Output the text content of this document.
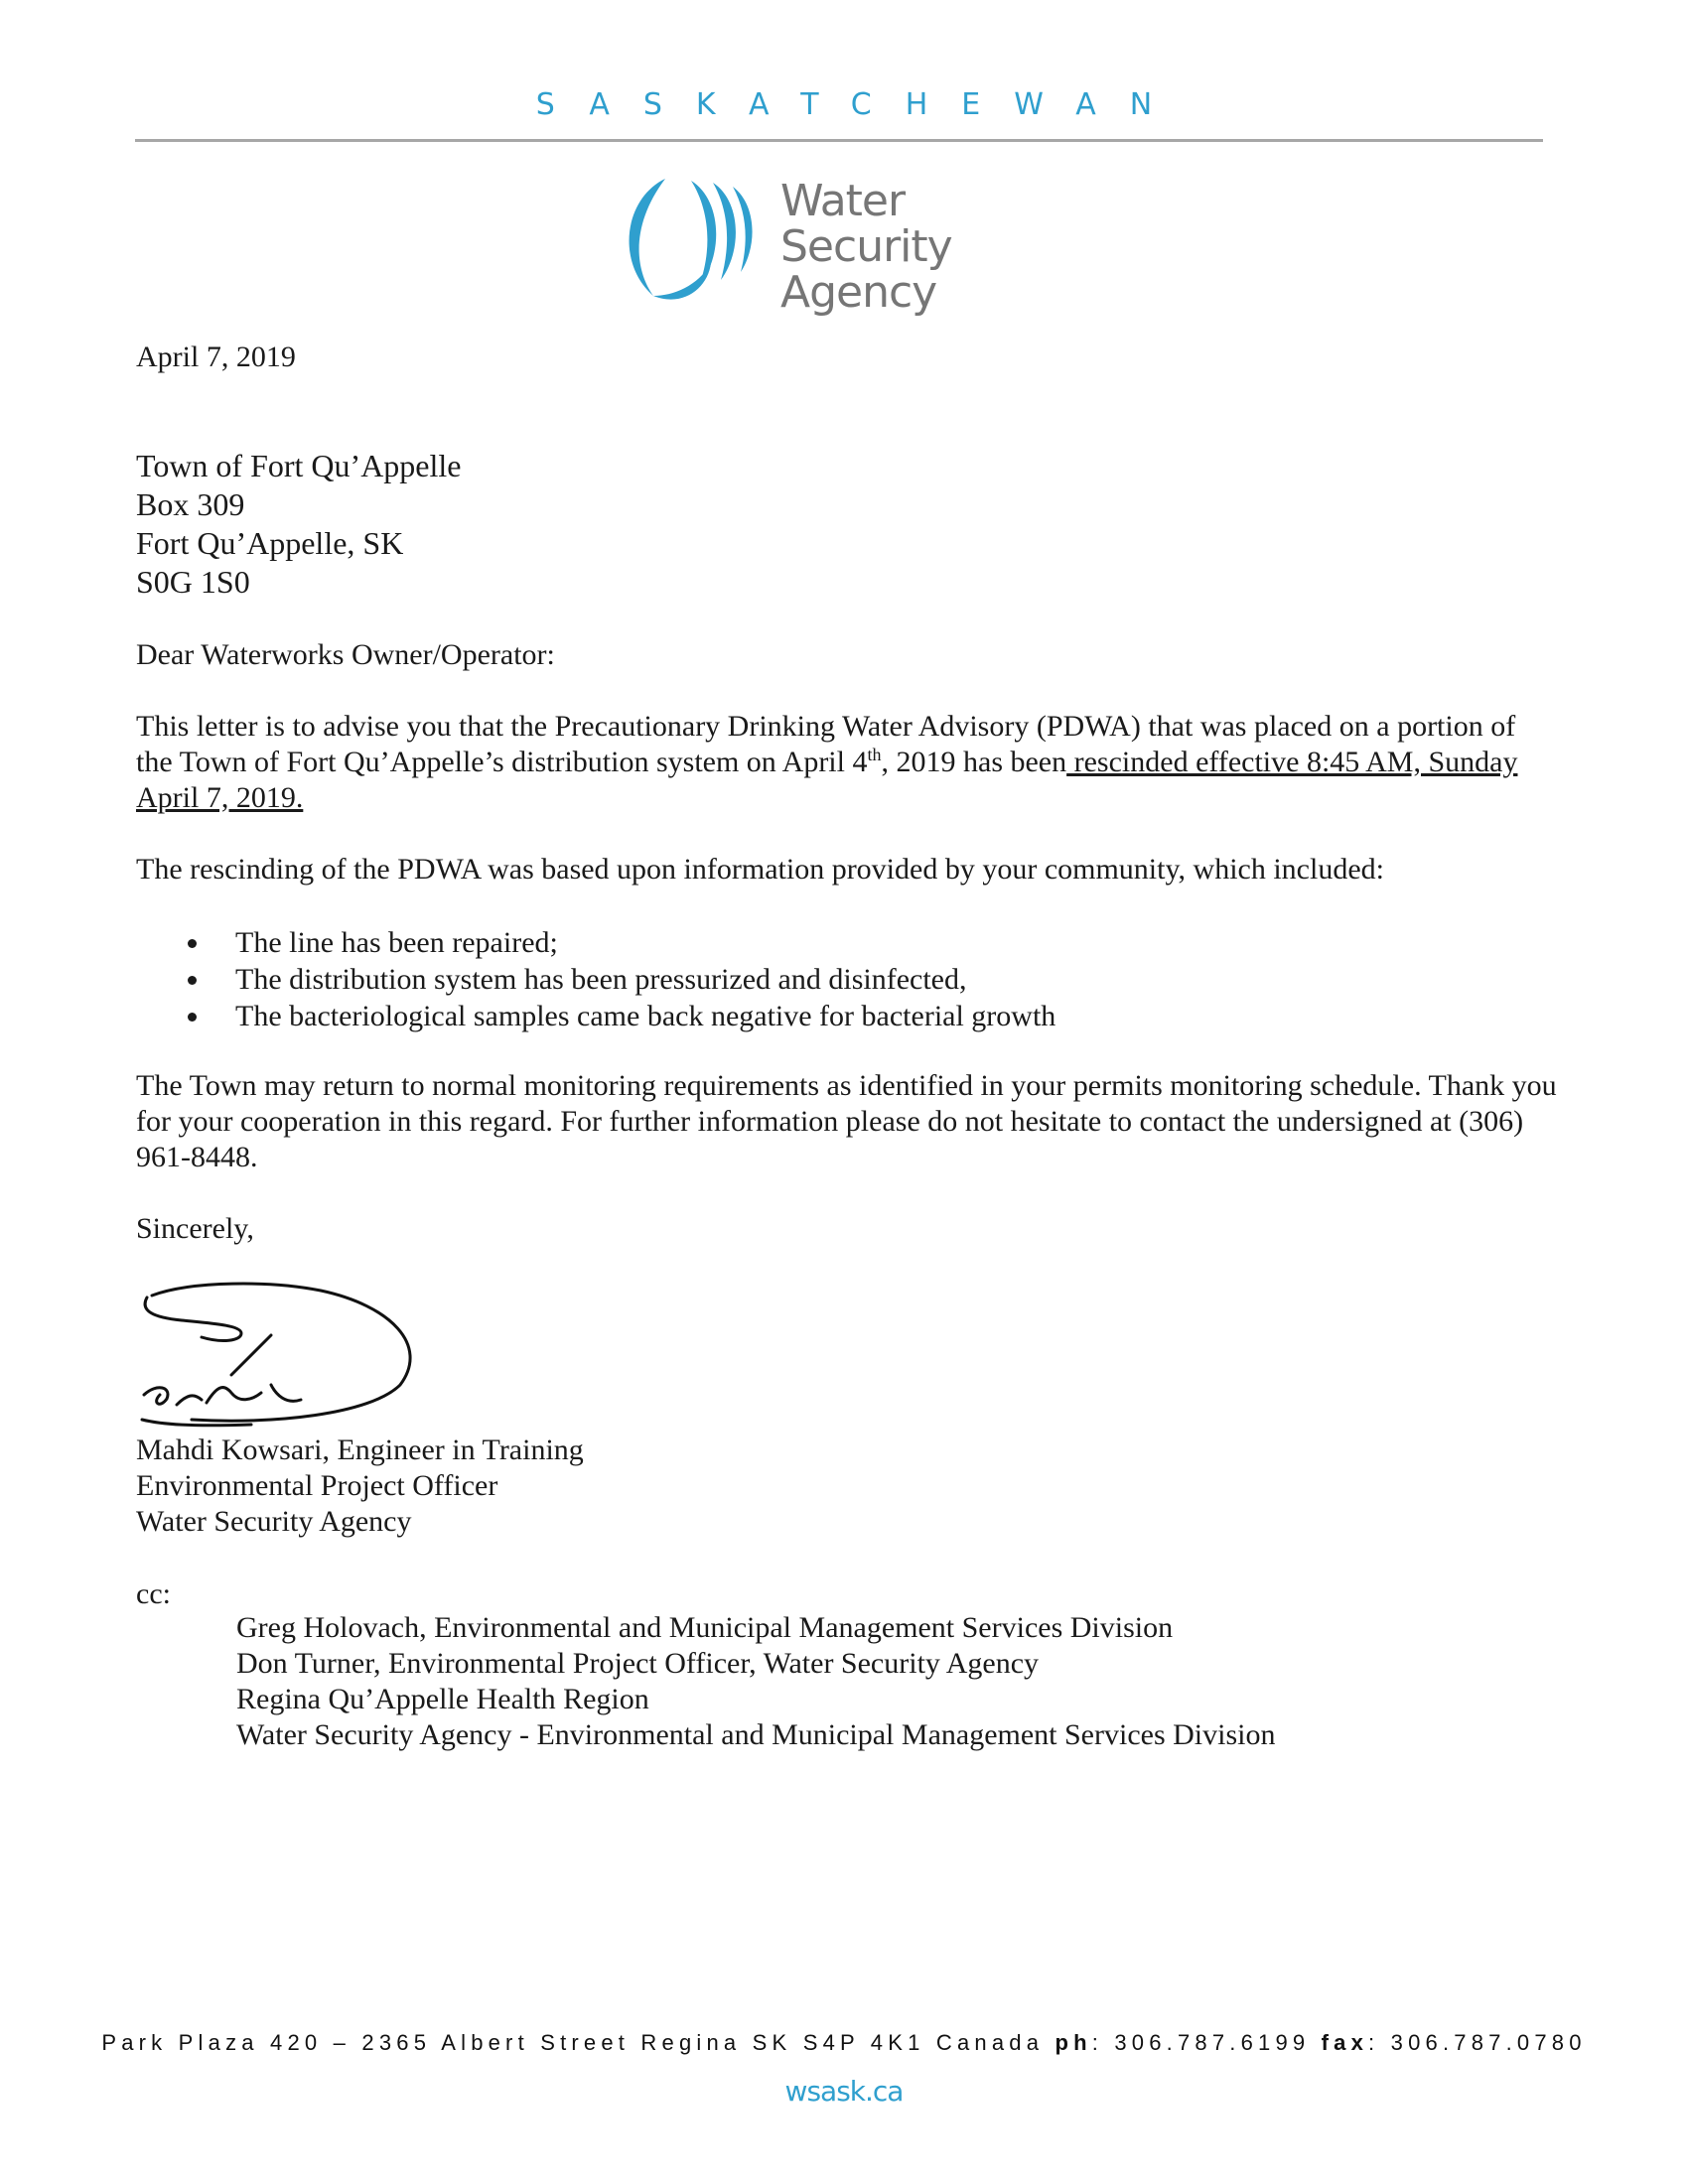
SASKATCHEWAN
Water Security
Agency
April 7, 2019
Town of Fort Qu’Appelle
Box 309
Fort Qu’Appelle, SK
S0G 1S0
Dear Waterworks Owner/Operator:
This letter is to advise you that the Precautionary Drinking Water Advisory (PDWA) that was placed on a portion of the Town of Fort Qu’Appelle’s distribution system on April 4th, 2019 has been rescinded effective 8:45 AM, Sunday April 7, 2019.
The rescinding of the PDWA was based upon information provided by your community, which included:
The line has been repaired;
The distribution system has been pressurized and disinfected,
The bacteriological samples came back negative for bacterial growth
The Town may return to normal monitoring requirements as identified in your permits monitoring schedule. Thank you for your cooperation in this regard. For further information please do not hesitate to contact the undersigned at (306) 961-8448.
Sincerely,
Mahdi Kowsari, Engineer in Training
Environmental Project Officer
Water Security Agency
cc:
Greg Holovach, Environmental and Municipal Management Services Division
Don Turner, Environmental Project Officer, Water Security Agency
Regina Qu’Appelle Health Region
Water Security Agency - Environmental and Municipal Management Services Division
Park Plaza 420 – 2365 Albert Street Regina SK S4P 4K1 Canada ph: 306.787.6199 fax: 306.787.0780
wsask.ca
